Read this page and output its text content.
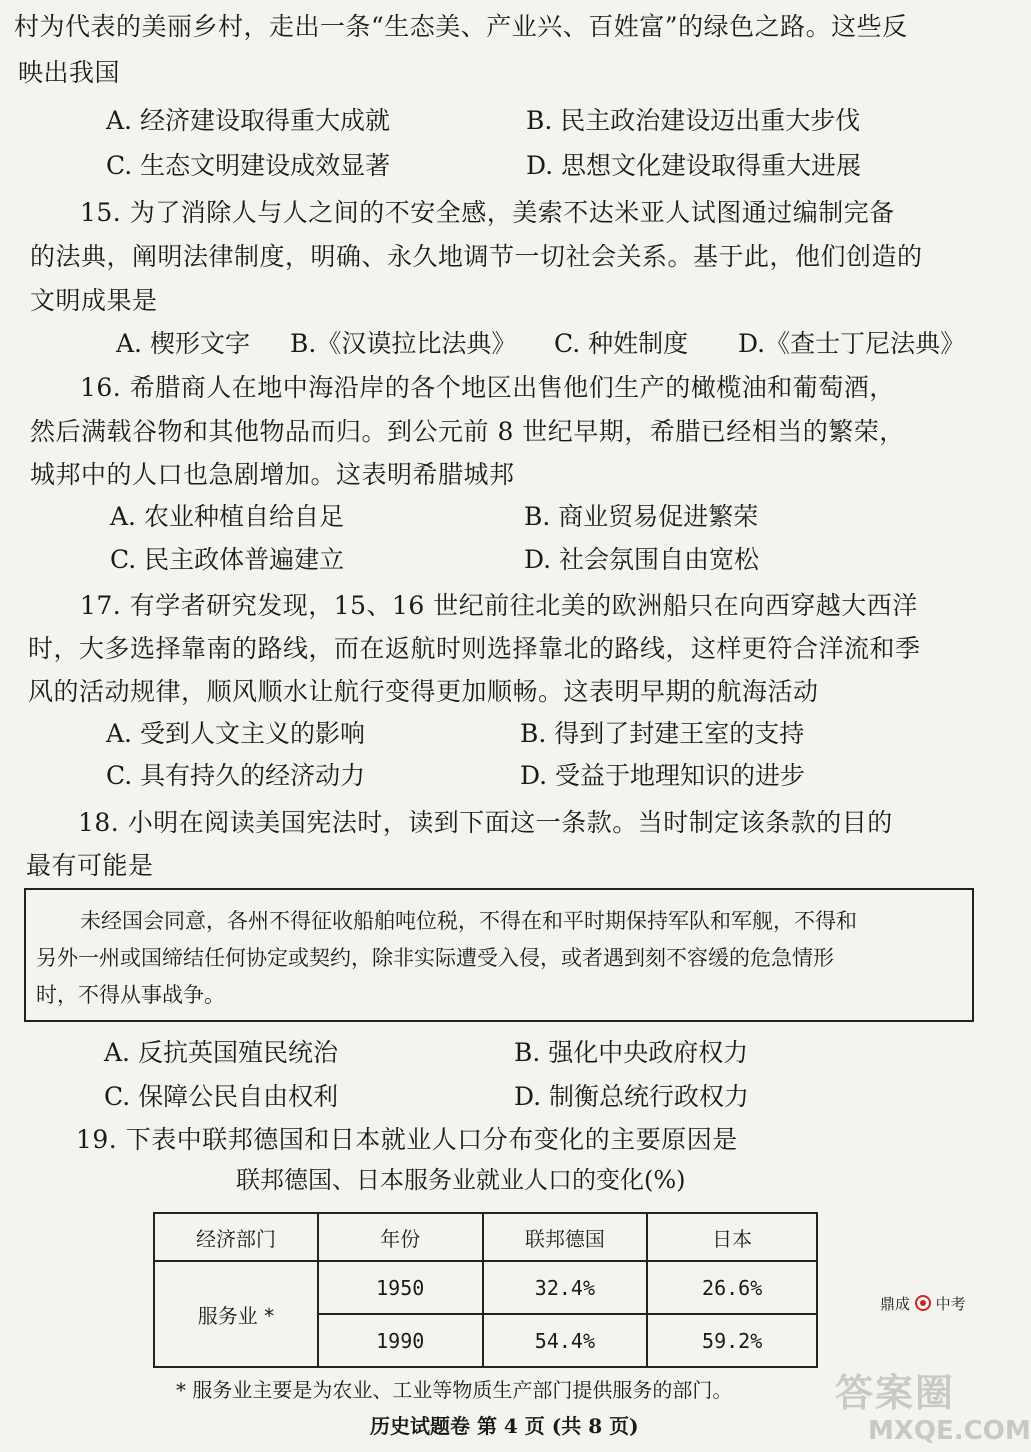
村为代表的美丽乡村，走出一条“生态美、产业兴、百姓富”的绿色之路。这些反
映出我国
A. 经济建设取得重大成就	B. 民主政治建设迈出重大步伐
C. 生态文明建设成效显著	D. 思想文化建设取得重大进展
15. 为了消除人与人之间的不安全感，美索不达米亚人试图通过编制完备
的法典，阐明法律制度，明确、永久地调节一切社会关系。基于此，他们创造的
文明成果是
A. 楔形文字 B.《汉谟拉比法典》 C. 种姓制度 D.《查士丁尼法典》
16. 希腊商人在地中海沿岸的各个地区出售他们生产的橄榄油和葡萄酒，
然后满载谷物和其他物品而归。到公元前 8 世纪早期，希腊已经相当的繁荣，
城邦中的人口也急剧增加。这表明希腊城邦
A. 农业种植自给自足	B. 商业贸易促进繁荣
C. 民主政体普遍建立	D. 社会氛围自由宽松
17. 有学者研究发现，15、16 世纪前往北美的欧洲船只在向西穿越大西洋
时，大多选择靠南的路线，而在返航时则选择靠北的路线，这样更符合洋流和季
风的活动规律，顺风顺水让航行变得更加顺畅。这表明早期的航海活动
A. 受到人文主义的影响	B. 得到了封建王室的支持
C. 具有持久的经济动力	D. 受益于地理知识的进步
18. 小明在阅读美国宪法时，读到下面这一条款。当时制定该条款的目的
最有可能是
未经国会同意，各州不得征收船舶吨位税，不得在和平时期保持军队和军舰，不得和
另外一州或国缔结任何协定或契约，除非实际遭受入侵，或者遇到刻不容缓的危急情形
时，不得从事战争。
A. 反抗英国殖民统治	B. 强化中央政府权力
C. 保障公民自由权利	D. 制衡总统行政权力
19. 下表中联邦德国和日本就业人口分布变化的主要原因是
联邦德国、日本服务业就业人口的变化(%)
经济部门	年份	联邦德国	日本
服务业 *	1950	32.4%	26.6%
	1990	54.4%	59.2%
鼎成 中考
答案圈
* 服务业主要是为农业、工业等物质生产部门提供服务的部门。
MXQE.COM
历史试题卷 第 4 页 (共 8 页)
